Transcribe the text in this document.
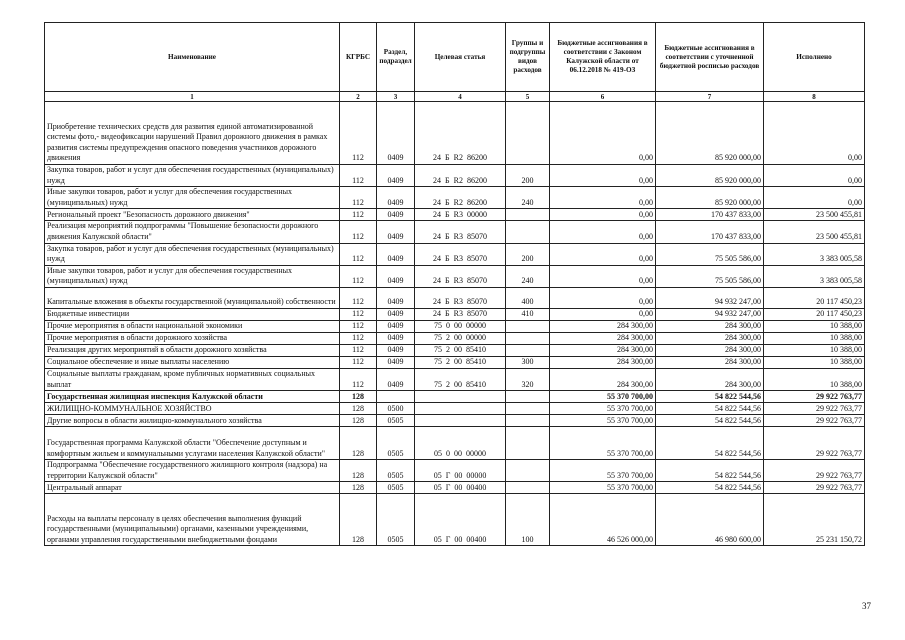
Наименование	КГРБС	Раздел, подраздел	Целевая статья	Группы и подгруппы видов расходов	Бюджетные ассигнования в соответствии с Законом Калужской области от 06.12.2018 № 419-ОЗ	Бюджетные ассигнования в соответствии с уточненной бюджетной росписью расходов	Исполнено
1	2	3	4	5	6	7	8
Приобретение технических средств для развития единой автоматизированной системы фото,- видеофиксации нарушений Правил дорожного движения в рамках развития системы предупреждения опасного поведения участников дорожного движения	112	0409	24 Б R2 86200		0,00	85 920 000,00	0,00
Закупка товаров, работ и услуг для обеспечения государственных (муниципальных) нужд	112	0409	24 Б R2 86200	200	0,00	85 920 000,00	0,00
Иные закупки товаров, работ и услуг для обеспечения государственных (муниципальных) нужд	112	0409	24 Б R2 86200	240	0,00	85 920 000,00	0,00
Региональный проект "Безопасность дорожного движения"	112	0409	24 Б R3 00000		0,00	170 437 833,00	23 500 455,81
Реализация мероприятий подпрограммы "Повышение безопасности дорожного движения Калужской области"	112	0409	24 Б R3 85070		0,00	170 437 833,00	23 500 455,81
Закупка товаров, работ и услуг для обеспечения государственных (муниципальных) нужд	112	0409	24 Б R3 85070	200	0,00	75 505 586,00	3 383 005,58
Иные закупки товаров, работ и услуг для обеспечения государственных (муниципальных) нужд	112	0409	24 Б R3 85070	240	0,00	75 505 586,00	3 383 005,58
Капитальные вложения в объекты государственной (муниципальной) собственности	112	0409	24 Б R3 85070	400	0,00	94 932 247,00	20 117 450,23
Бюджетные инвестиции	112	0409	24 Б R3 85070	410	0,00	94 932 247,00	20 117 450,23
Прочие мероприятия в области национальной экономики	112	0409	75 0 00 00000		284 300,00	284 300,00	10 388,00
Прочие мероприятия в области дорожного хозяйства	112	0409	75 2 00 00000		284 300,00	284 300,00	10 388,00
Реализация других мероприятий в области дорожного хозяйства	112	0409	75 2 00 85410		284 300,00	284 300,00	10 388,00
Социальное обеспечение и иные выплаты населению	112	0409	75 2 00 85410	300	284 300,00	284 300,00	10 388,00
Социальные выплаты гражданам, кроме публичных нормативных социальных выплат	112	0409	75 2 00 85410	320	284 300,00	284 300,00	10 388,00
Государственная жилищная инспекция Калужской области	128				55 370 700,00	54 822 544,56	29 922 763,77
ЖИЛИЩНО-КОММУНАЛЬНОЕ ХОЗЯЙСТВО	128	0500			55 370 700,00	54 822 544,56	29 922 763,77
Другие вопросы в области жилищно-коммунального хозяйства	128	0505			55 370 700,00	54 822 544,56	29 922 763,77
Государственная программа Калужской области "Обеспечение доступным и комфортным жильем и коммунальными услугами населения Калужской области"	128	0505	05 0 00 00000		55 370 700,00	54 822 544,56	29 922 763,77
Подпрограмма "Обеспечение государственного жилищного контроля (надзора) на территории Калужской области"	128	0505	05 Г 00 00000		55 370 700,00	54 822 544,56	29 922 763,77
Центральный аппарат	128	0505	05 Г 00 00400		55 370 700,00	54 822 544,56	29 922 763,77
Расходы на выплаты персоналу в целях обеспечения выполнения функций государственными (муниципальными) органами, казенными учреждениями, органами управления государственными внебюджетными фондами	128	0505	05 Г 00 00400	100	46 526 000,00	46 980 600,00	25 231 150,72
37
